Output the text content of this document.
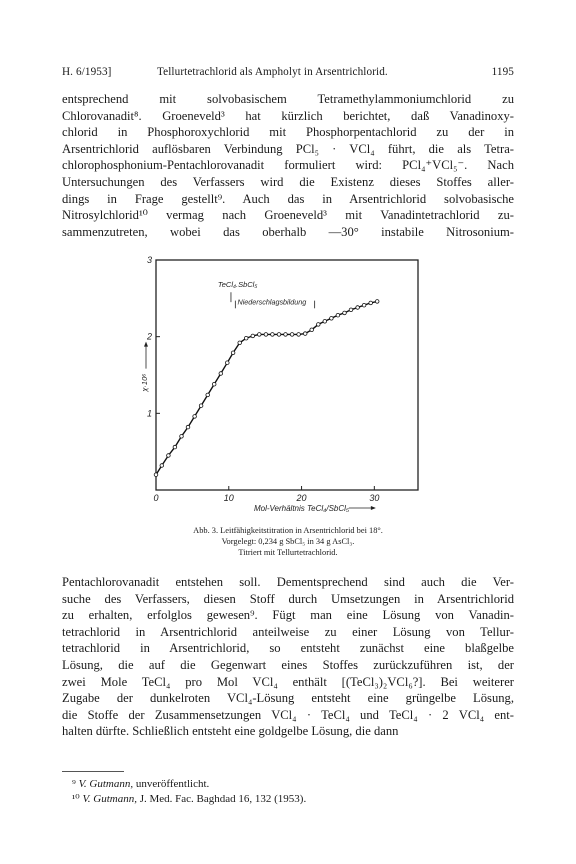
H. 6/1953]	Tellurtetrachlorid als Ampholyt in Arsentrichlorid.	1195
entsprechend mit solvobasischem Tetramethylammoniumchlorid zu
Chlorovanadit⁸. Groeneveld³ hat kürzlich berichtet, daß Vanadinoxy-
chlorid in Phosphoroxychlorid mit Phosphorpentachlorid zu der in
Arsentrichlorid auflösbaren Verbindung PCl₅ · VCl₄ führt, die als Tetra-
chlorophosphonium-Pentachlorovanadit formuliert wird: PCl₄⁺VCl₅⁻. Nach
Untersuchungen des Verfassers wird die Existenz dieses Stoffes aller-
dings in Frage gestellt⁹. Auch das in Arsentrichlorid solvobasische
Nitrosylchlorid¹⁰ vermag nach Groeneveld³ mit Vanadintetrachlorid zu-
sammenzutreten, wobei das oberhalb —30° instabile Nitrosonium-
0	10	20	30
1
2
3
χ·10⁶
Mol-Verhältnis TeCl₄/SbCl₅
TeCl₄.SbCl₅
Niederschlagsbildung
Abb. 3. Leitfähigkeitstitration in Arsentrichlorid bei 18°.
Vorgelegt: 0,234 g SbCl₅ in 34 g AsCl₃.
Titriert mit Tellurtetrachlorid.
Pentachlorovanadit entstehen soll. Dementsprechend sind auch die Ver-
suche des Verfassers, diesen Stoff durch Umsetzungen in Arsentrichlorid
zu erhalten, erfolglos gewesen⁹. Fügt man eine Lösung von Vanadin-
tetrachlorid in Arsentrichlorid anteilweise zu einer Lösung von Tellur-
tetrachlorid in Arsentrichlorid, so entsteht zunächst eine blaßgelbe
Lösung, die auf die Gegenwart eines Stoffes zurückzuführen ist, der
zwei Mole TeCl₄ pro Mol VCl₄ enthält [(TeCl₃)₂VCl₆?]. Bei weiterer
Zugabe der dunkelroten VCl₄-Lösung entsteht eine grüngelbe Lösung,
die Stoffe der Zusammensetzungen VCl₄ · TeCl₄ und TeCl₄ · 2 VCl₄ ent-
halten dürfte. Schließlich entsteht eine goldgelbe Lösung, die dann
⁹ V. Gutmann, unveröffentlicht.
¹⁰ V. Gutmann, J. Med. Fac. Baghdad 16, 132 (1953).
